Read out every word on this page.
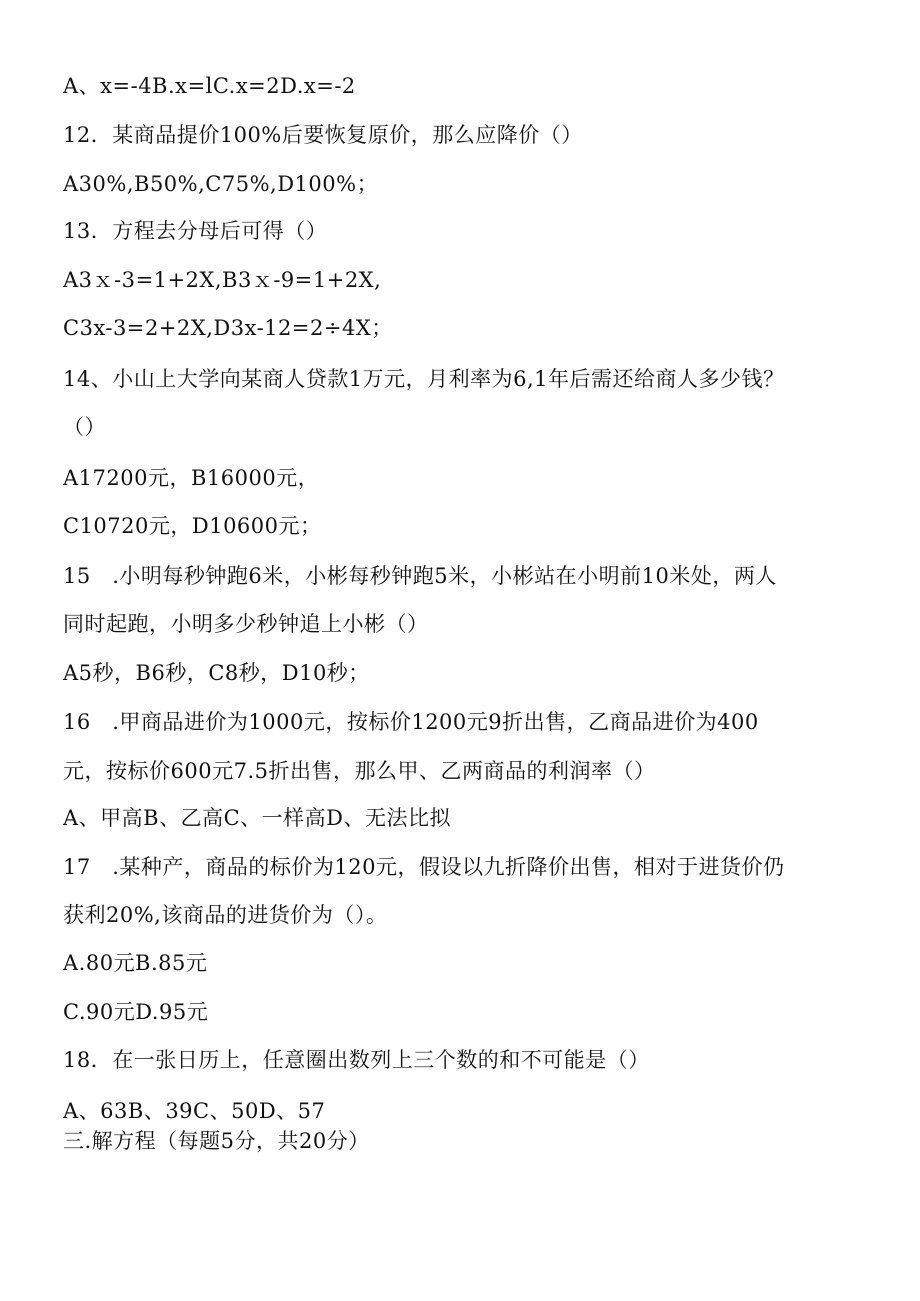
A、x=-4B.x=lC.x=2D.x=-2
12．某商品提价100%后要恢复原价，那么应降价（）
A30%,B50%,C75%,D100%；
13．方程去分母后可得（）
A3ｘ-3=1+2X,B3ｘ-9=1+2X,
C3x-3=2+2X,D3x-12=2÷4X；
14、小山上大学向某商人贷款1万元，月利率为6,1年后需还给商人多少钱？
（）
A17200元，B16000元，
C10720元，D10600元；
15　.小明每秒钟跑6米，小彬每秒钟跑5米，小彬站在小明前10米处，两人
同时起跑，小明多少秒钟追上小彬（）
A5秒，B6秒，C8秒，D10秒；
16　.甲商品进价为1000元，按标价1200元9折出售，乙商品进价为400
元，按标价600元7.5折出售，那么甲、乙两商品的利润率（）
A、甲高B、乙高C、一样高D、无法比拟
17　.某种产，商品的标价为120元，假设以九折降价出售，相对于进货价仍
获利20%,该商品的进货价为（）。
A.80元B.85元
C.90元D.95元
18．在一张日历上，任意圈出数列上三个数的和不可能是（）
A、63B、39C、50D、57
三.解方程（每题5分，共20分）
